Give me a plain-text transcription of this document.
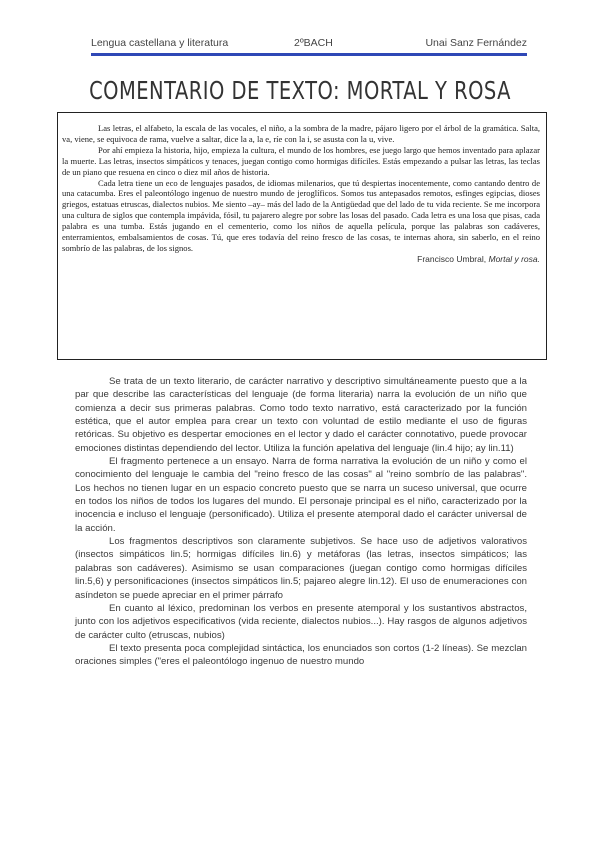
Lengua castellana y literatura	2ºBACH	Unai Sanz Fernández
COMENTARIO DE TEXTO: MORTAL Y ROSA

Las letras, el alfabeto, la escala de las vocales, el niño, a la sombra de la madre, pájaro ligero por el árbol de la gramática. Salta, va, viene, se equivoca de rama, vuelve a saltar, dice la a, la e, ríe con la i, se asusta con la u, vive.

Por ahí empieza la historia, hijo, empieza la cultura, el mundo de los hombres, ese juego largo que hemos inventado para aplazar la muerte. Las letras, insectos simpáticos y tenaces, juegan contigo como hormigas difíciles. Estás empezando a pulsar las letras, las teclas de un piano que resuena en cinco o diez mil años de historia.

Cada letra tiene un eco de lenguajes pasados, de idiomas milenarios, que tú despiertas inocentemente, como cantando dentro de una catacumba. Eres el paleontólogo ingenuo de nuestro mundo de jeroglíficos. Somos tus antepasados remotos, esfinges egipcias, dioses griegos, estatuas etruscas, dialectos nubios. Me siento –ay– más del lado de la Antigüedad que del lado de tu vida reciente. Se me incorpora una cultura de siglos que contempla impávida, fósil, tu pajarero alegre por sobre las losas del pasado. Cada letra es una losa que pisas, cada palabra es una tumba. Estás jugando en el cementerio, como los niños de aquella película, porque las palabras son cadáveres, enterramientos, embalsamientos de cosas. Tú, que eres todavía del reino fresco de las cosas, te internas ahora, sin saberlo, en el reino sombrío de las palabras, de los signos.

Francisco Umbral, Mortal y rosa.

Se trata de un texto literario, de carácter narrativo y descriptivo simultáneamente puesto que a la par que describe las características del lenguaje (de forma literaria) narra la evolución de un niño que comienza a decir sus primeras palabras. Como todo texto narrativo, está caracterizado por la función estética, que el autor emplea para crear un texto con voluntad de estilo mediante el uso de figuras retóricas. Su objetivo es despertar emociones en el lector y dado el carácter connotativo, puede provocar emociones distintas dependiendo del lector. Utiliza la función apelativa del lenguaje (lin.4 hijo; ay lin.11)

El fragmento pertenece a un ensayo. Narra de forma narrativa la evolución de un niño y como el conocimiento del lenguaje le cambia del "reino fresco de las cosas" al "reino sombrío de las palabras". Los hechos no tienen lugar en un espacio concreto puesto que se narra un suceso universal, que ocurre en todos los niños de todos los lugares del mundo. El personaje principal es el niño, caracterizado por la inocencia e incluso el lenguaje (personificado). Utiliza el presente atemporal dado el carácter universal de la acción.

Los fragmentos descriptivos son claramente subjetivos. Se hace uso de adjetivos valorativos (insectos simpáticos lin.5; hormigas difíciles lin.6) y metáforas (las letras, insectos simpáticos; las palabras son cadáveres). Asimismo se usan comparaciones (juegan contigo como hormigas difíciles lin.5,6) y personificaciones (insectos simpáticos lin.5; pajareo alegre lin.12). El uso de enumeraciones con asíndeton se puede apreciar en el primer párrafo

En cuanto al léxico, predominan los verbos en presente atemporal y los sustantivos abstractos, junto con los adjetivos especificativos (vida reciente, dialectos nubios...). Hay rasgos de algunos adjetivos de carácter culto (etruscas, nubios)

El texto presenta poca complejidad sintáctica, los enunciados son cortos (1-2 líneas). Se mezclan oraciones simples ("eres el paleontólogo ingenuo de nuestro mundo
